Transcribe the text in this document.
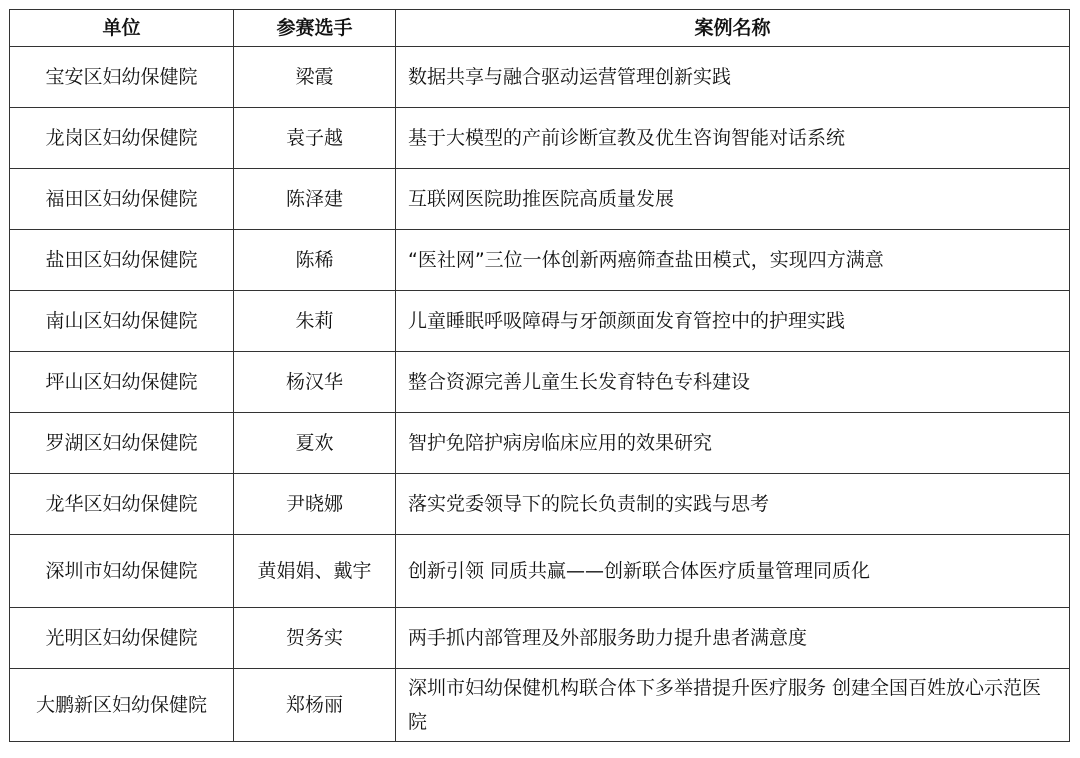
单位	参赛选手	案例名称
宝安区妇幼保健院	梁霞	数据共享与融合驱动运营管理创新实践
龙岗区妇幼保健院	袁子越	基于大模型的产前诊断宣教及优生咨询智能对话系统
福田区妇幼保健院	陈泽建	互联网医院助推医院高质量发展
盐田区妇幼保健院	陈稀	“医社网”三位一体创新两癌筛查盐田模式，实现四方满意
南山区妇幼保健院	朱莉	儿童睡眠呼吸障碍与牙颌颜面发育管控中的护理实践
坪山区妇幼保健院	杨汉华	整合资源完善儿童生长发育特色专科建设
罗湖区妇幼保健院	夏欢	智护免陪护病房临床应用的效果研究
龙华区妇幼保健院	尹晓娜	落实党委领导下的院长负责制的实践与思考
深圳市妇幼保健院	黄娟娟、戴宇	创新引领 同质共赢——创新联合体医疗质量管理同质化
光明区妇幼保健院	贺务实	两手抓内部管理及外部服务助力提升患者满意度
大鹏新区妇幼保健院	郑杨丽	深圳市妇幼保健机构联合体下多举措提升医疗服务 创建全国百姓放心示范医院
